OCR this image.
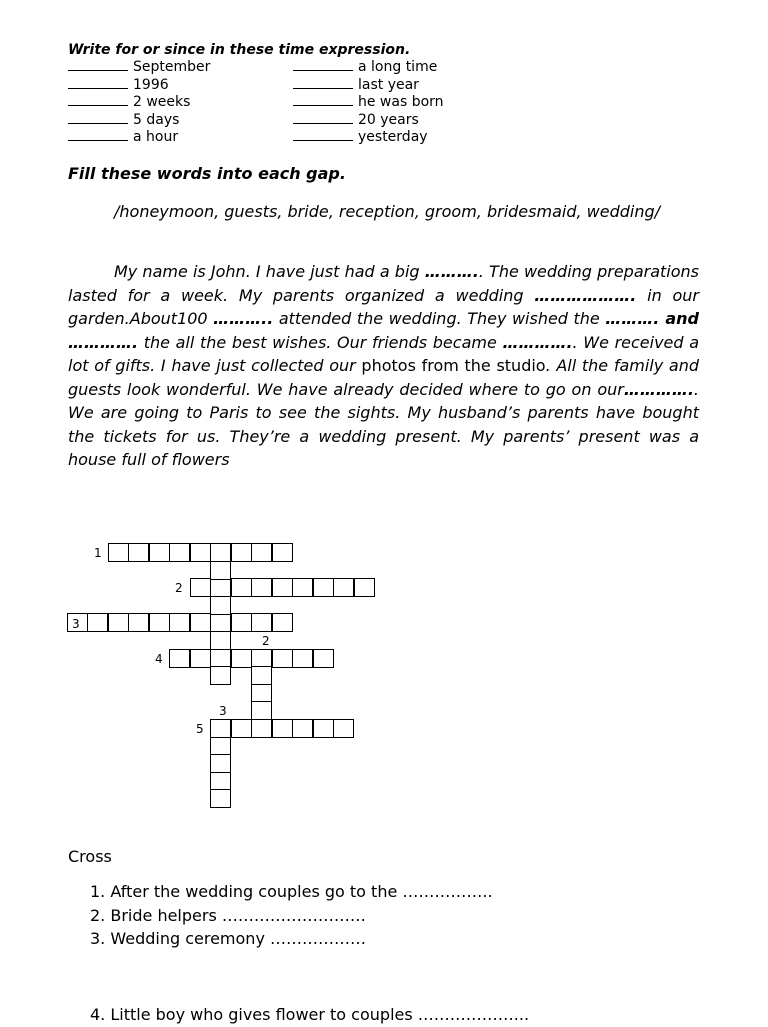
Write for or since in these time expression.
September
1996
2 weeks
5 days
a hour
a long time
last year
he was born
20 years
yesterday
Fill these words into each gap.
/honeymoon, guests, bride, reception, groom, bridesmaid, wedding/
My name is John. I have just had a big ……….. The wedding preparations lasted for a week. My parents organized a wedding ………………. in our garden.About100 ……….. attended the wedding. They wished the ………. and …………. the all the best wishes. Our friends became ………….. We received a lot of gifts. I have just collected our photos from the studio. All the family and guests look wonderful. We have already decided where to go on our………….. We are going to Paris to see the sights. My husband’s parents have bought the tickets for us. They’re a wedding present. My parents’ present was a house full of flowers
1
2
3
4
5
2
3
Cross
1. After the wedding couples go to the ……………..
2. Bride helpers ………………………
3. Wedding ceremony ………………
4. Little boy who gives flower to couples ………………...
